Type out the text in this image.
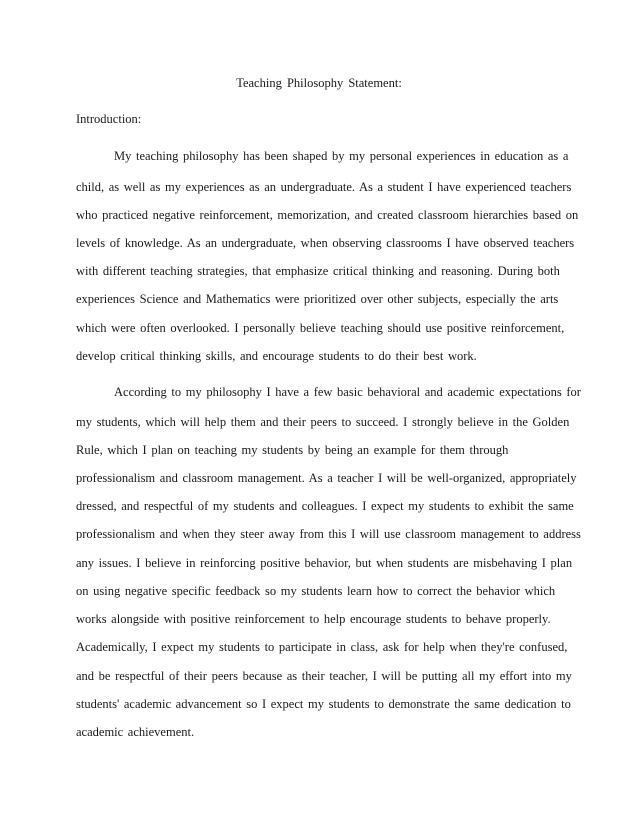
Teaching Philosophy Statement:
Introduction:
My teaching philosophy has been shaped by my personal experiences in education as a
child, as well as my experiences as an undergraduate. As a student I have experienced teachers
who practiced negative reinforcement, memorization, and created classroom hierarchies based on
levels of knowledge. As an undergraduate, when observing classrooms I have observed teachers
with different teaching strategies, that emphasize critical thinking and reasoning. During both
experiences Science and Mathematics were prioritized over other subjects, especially the arts
which were often overlooked. I personally believe teaching should use positive reinforcement,
develop critical thinking skills, and encourage students to do their best work.
According to my philosophy I have a few basic behavioral and academic expectations for
my students, which will help them and their peers to succeed. I strongly believe in the Golden
Rule, which I plan on teaching my students by being an example for them through
professionalism and classroom management. As a teacher I will be well-organized, appropriately
dressed, and respectful of my students and colleagues. I expect my students to exhibit the same
professionalism and when they steer away from this I will use classroom management to address
any issues. I believe in reinforcing positive behavior, but when students are misbehaving I plan
on using negative specific feedback so my students learn how to correct the behavior which
works alongside with positive reinforcement to help encourage students to behave properly.
Academically, I expect my students to participate in class, ask for help when they're confused,
and be respectful of their peers because as their teacher, I will be putting all my effort into my
students' academic advancement so I expect my students to demonstrate the same dedication to
academic achievement.
